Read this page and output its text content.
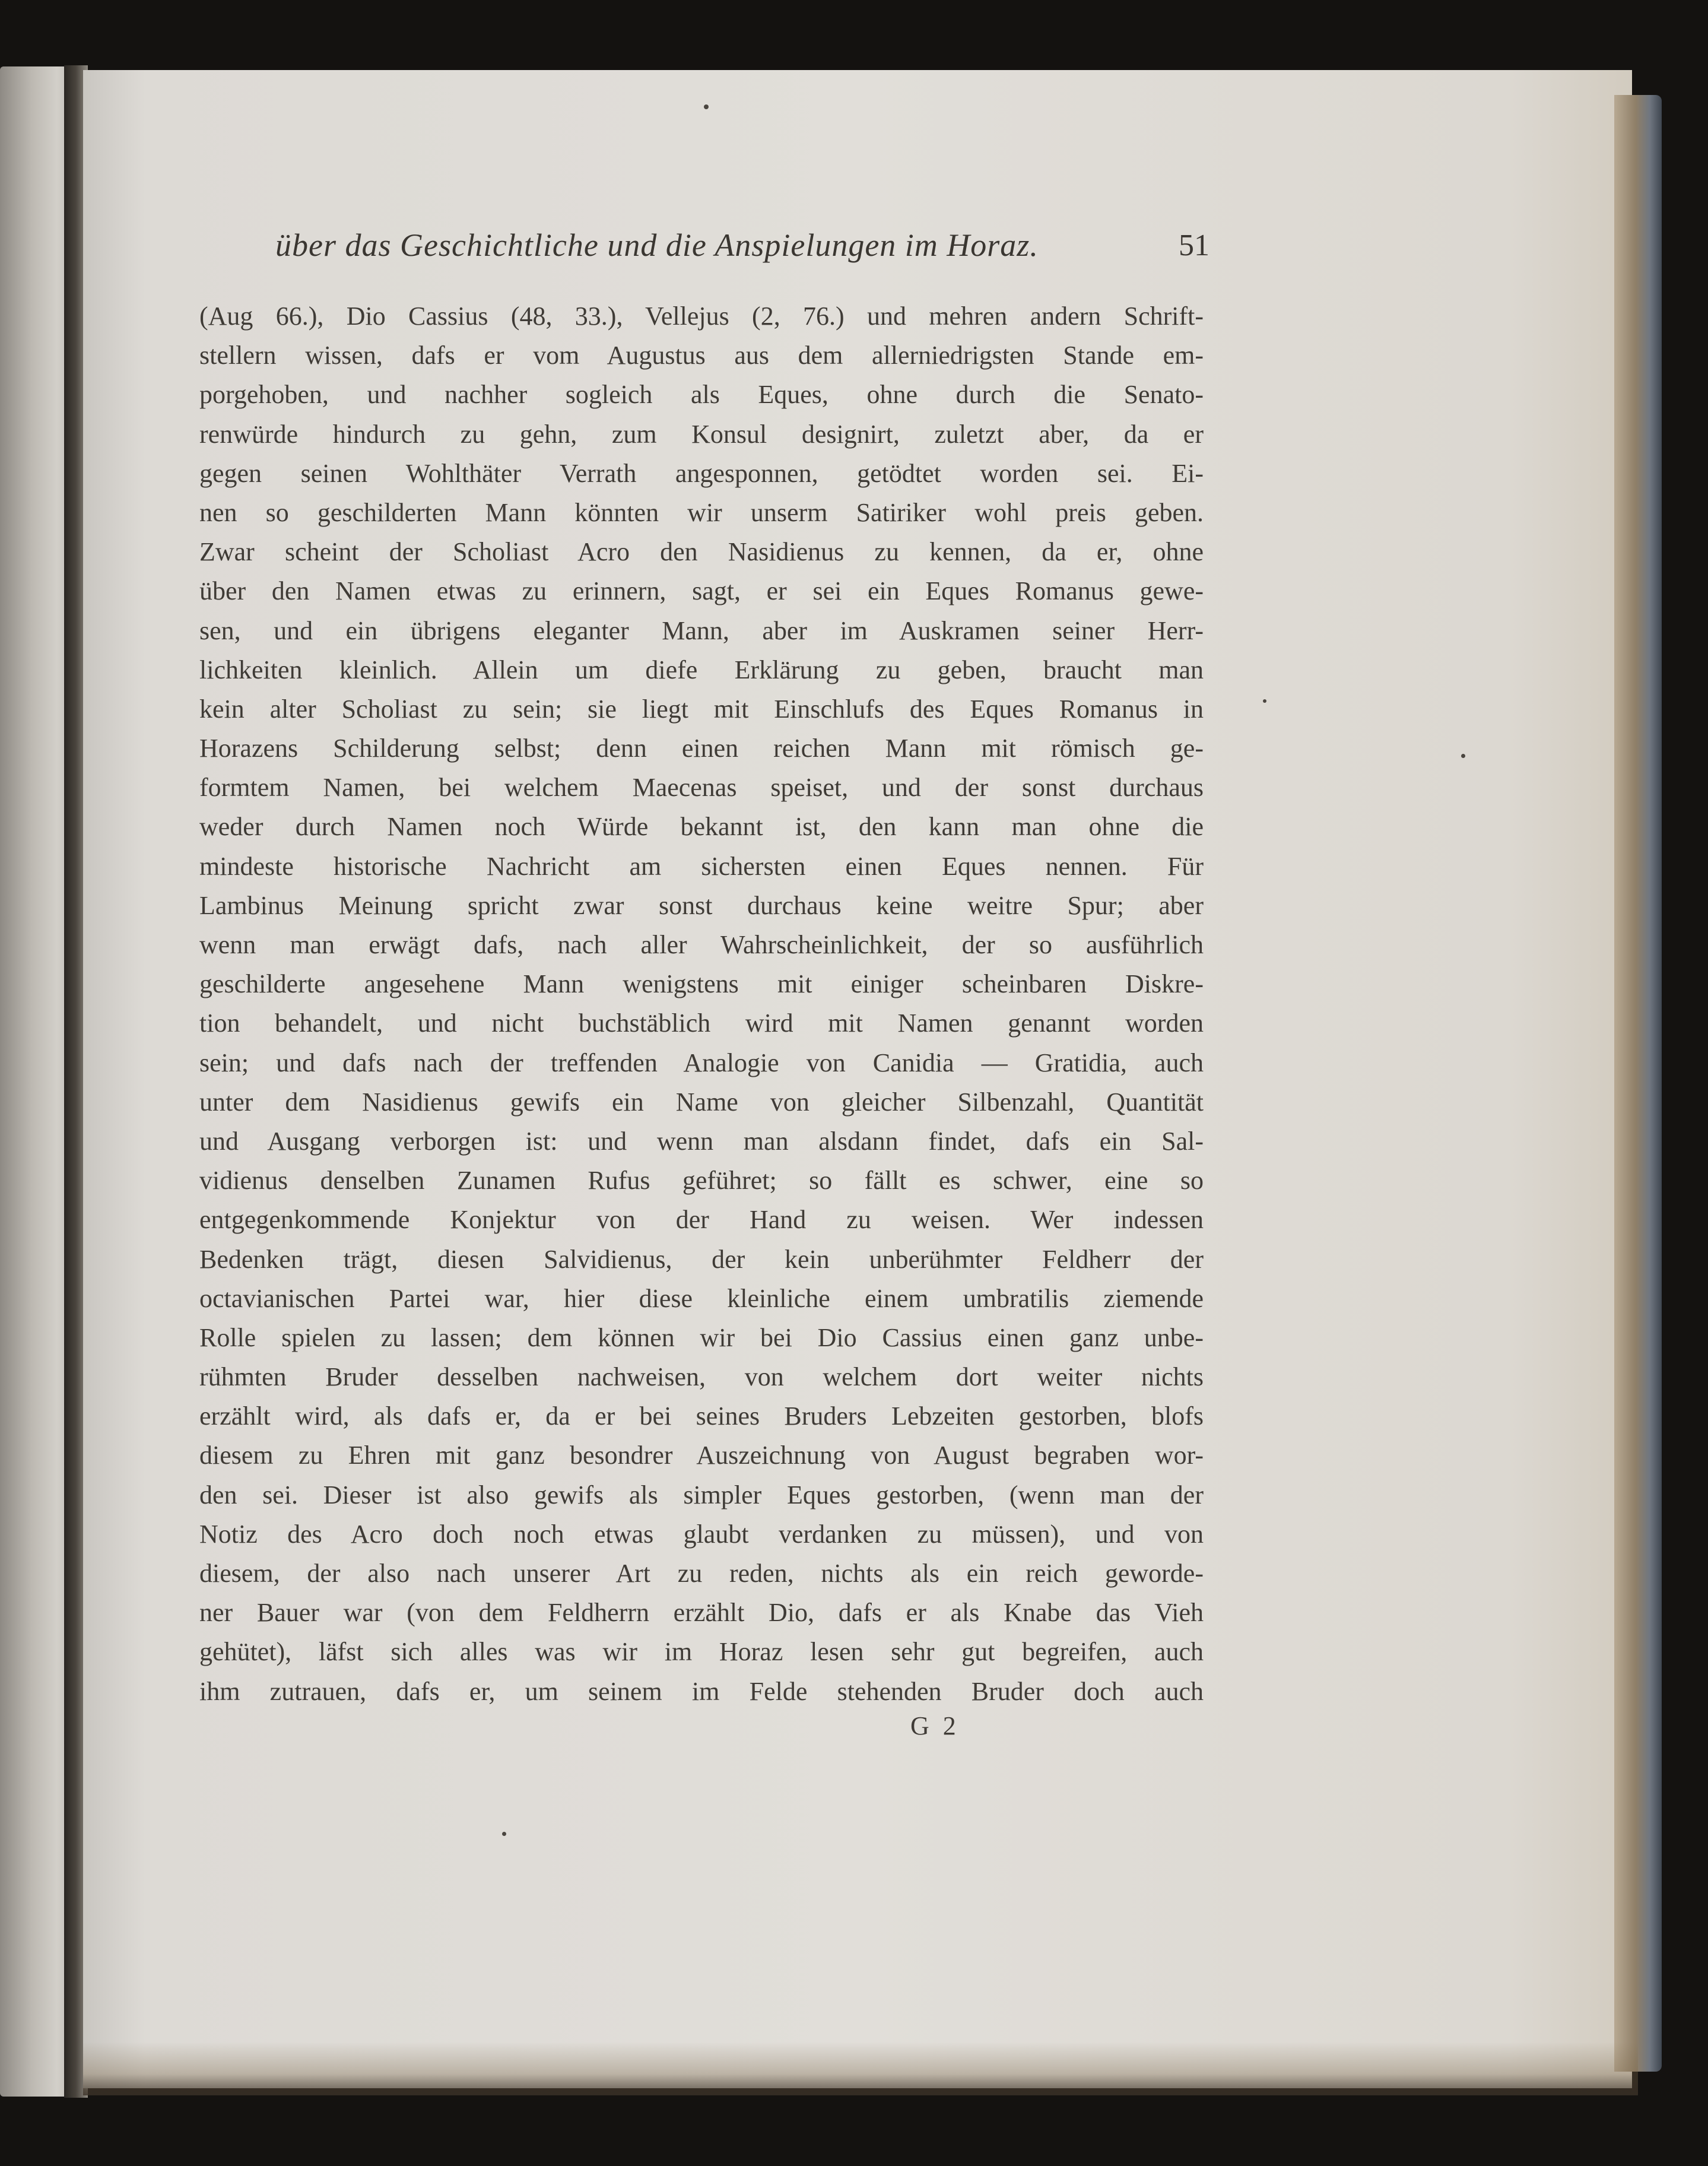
über das Geschichtliche und die Anspielungen im Horaz.	51
(Aug 66.), Dio Cassius (48, 33.), Vellejus (2, 76.) und mehren andern Schrift-
stellern wissen, dafs er vom Augustus aus dem allerniedrigsten Stande em-
porgehoben, und nachher sogleich als Eques, ohne durch die Senato-
renwürde hindurch zu gehn, zum Konsul designirt, zuletzt aber, da er
gegen seinen Wohlthäter Verrath angesponnen, getödtet worden sei. Ei-
nen so geschilderten Mann könnten wir unserm Satiriker wohl preis geben.
Zwar scheint der Scholiast Acro den Nasidienus zu kennen, da er, ohne
über den Namen etwas zu erinnern, sagt, er sei ein Eques Romanus gewe-
sen, und ein übrigens eleganter Mann, aber im Auskramen seiner Herr-
lichkeiten kleinlich. Allein um diefe Erklärung zu geben, braucht man
kein alter Scholiast zu sein; sie liegt mit Einschlufs des Eques Romanus in
Horazens Schilderung selbst; denn einen reichen Mann mit römisch ge-
formtem Namen, bei welchem Maecenas speiset, und der sonst durchaus
weder durch Namen noch Würde bekannt ist, den kann man ohne die
mindeste historische Nachricht am sichersten einen Eques nennen. Für
Lambinus Meinung spricht zwar sonst durchaus keine weitre Spur; aber
wenn man erwägt dafs, nach aller Wahrscheinlichkeit, der so ausführlich
geschilderte angesehene Mann wenigstens mit einiger scheinbaren Diskre-
tion behandelt, und nicht buchstäblich wird mit Namen genannt worden
sein; und dafs nach der treffenden Analogie von Canidia — Gratidia, auch
unter dem Nasidienus gewifs ein Name von gleicher Silbenzahl, Quantität
und Ausgang verborgen ist: und wenn man alsdann findet, dafs ein Sal-
vidienus denselben Zunamen Rufus geführet; so fällt es schwer, eine so
entgegenkommende Konjektur von der Hand zu weisen. Wer indessen
Bedenken trägt, diesen Salvidienus, der kein unberühmter Feldherr der
octavianischen Partei war, hier diese kleinliche einem umbratilis ziemende
Rolle spielen zu lassen; dem können wir bei Dio Cassius einen ganz unbe-
rühmten Bruder desselben nachweisen, von welchem dort weiter nichts
erzählt wird, als dafs er, da er bei seines Bruders Lebzeiten gestorben, blofs
diesem zu Ehren mit ganz besondrer Auszeichnung von August begraben wor-
den sei. Dieser ist also gewifs als simpler Eques gestorben, (wenn man der
Notiz des Acro doch noch etwas glaubt verdanken zu müssen), und von
diesem, der also nach unserer Art zu reden, nichts als ein reich geworde-
ner Bauer war (von dem Feldherrn erzählt Dio, dafs er als Knabe das Vieh
gehütet), läfst sich alles was wir im Horaz lesen sehr gut begreifen, auch
ihm zutrauen, dafs er, um seinem im Felde stehenden Bruder doch auch
G 2
